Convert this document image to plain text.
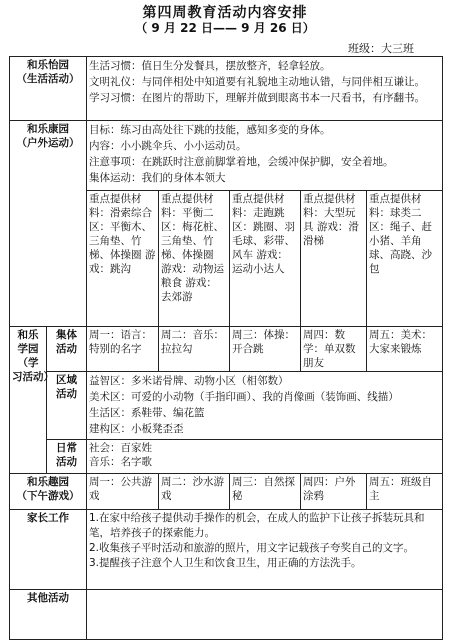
第四周教育活动内容安排
（ 9 月 22 日—— 9 月 26 日）
班级：大三班
和乐怡园
（生活活动）		生活习惯：值日生分发餐具，摆放整齐，轻拿轻放。
文明礼仪：与同伴相处中知道要有礼貌地主动地认错，与同伴相互谦让。
学习习惯：在图片的帮助下，理解并做到眼离书本一尺看书，有序翻书。				

和乐康园
（户外运动）		目标：练习由高处往下跳的技能，感知多变的身体。
内容：小小跳伞兵、小小运动员。
注意事项：在跳跃时注意前脚掌着地，会缓冲保护脚，安全着地。
集体运动：我们的身体本领大				

		重点提供材料：滑索综合区：平衡木、三角垫、竹梯、体操圈 游戏：跳沟	重点提供材料：平衡二区：梅花桩、三角垫、竹梯、体操圈 游戏：动物运粮食 游戏：去郊游	重点提供材料：走跑跳区：跳圈、羽毛球、彩带、风车 游戏：运动小达人	重点提供材料：大型玩具 游戏：滑滑梯	重点提供材料：球类二区：绳子、赶小猪、羊角球、高跷、沙包

和乐
学园
（学
习活动）	集体
活动	周一：语言：特别的名字	周二：音乐：拉拉勾	周三：体操：开合跳	周四：数学：单双数朋友	周五：美术：大家来锻炼

	区域
活动	益智区：多米诺骨牌、动物小区（相邻数）
美术区：可爱的小动物（手指印画）、我的肖像画（装饰画、线描）
生活区：系鞋带、编花篮
建构区：小板凳歪歪				

	日常
活动	社会：百家姓
音乐：名字歌				

和乐趣园
（下午游戏）		周一：公共游戏	周二：沙水游戏	周三：自然探秘	周四：户外涂鸦	周五：班级自主
家长工作		1.在家中给孩子提供动手操作的机会，在成人的监护下让孩子拆装玩具和笔，培养孩子的探索能力。
2.收集孩子平时活动和旅游的照片，用文字记载孩子夸奖自己的文字。
3.提醒孩子注意个人卫生和饮食卫生，用正确的方法洗手。				

其他活动						
